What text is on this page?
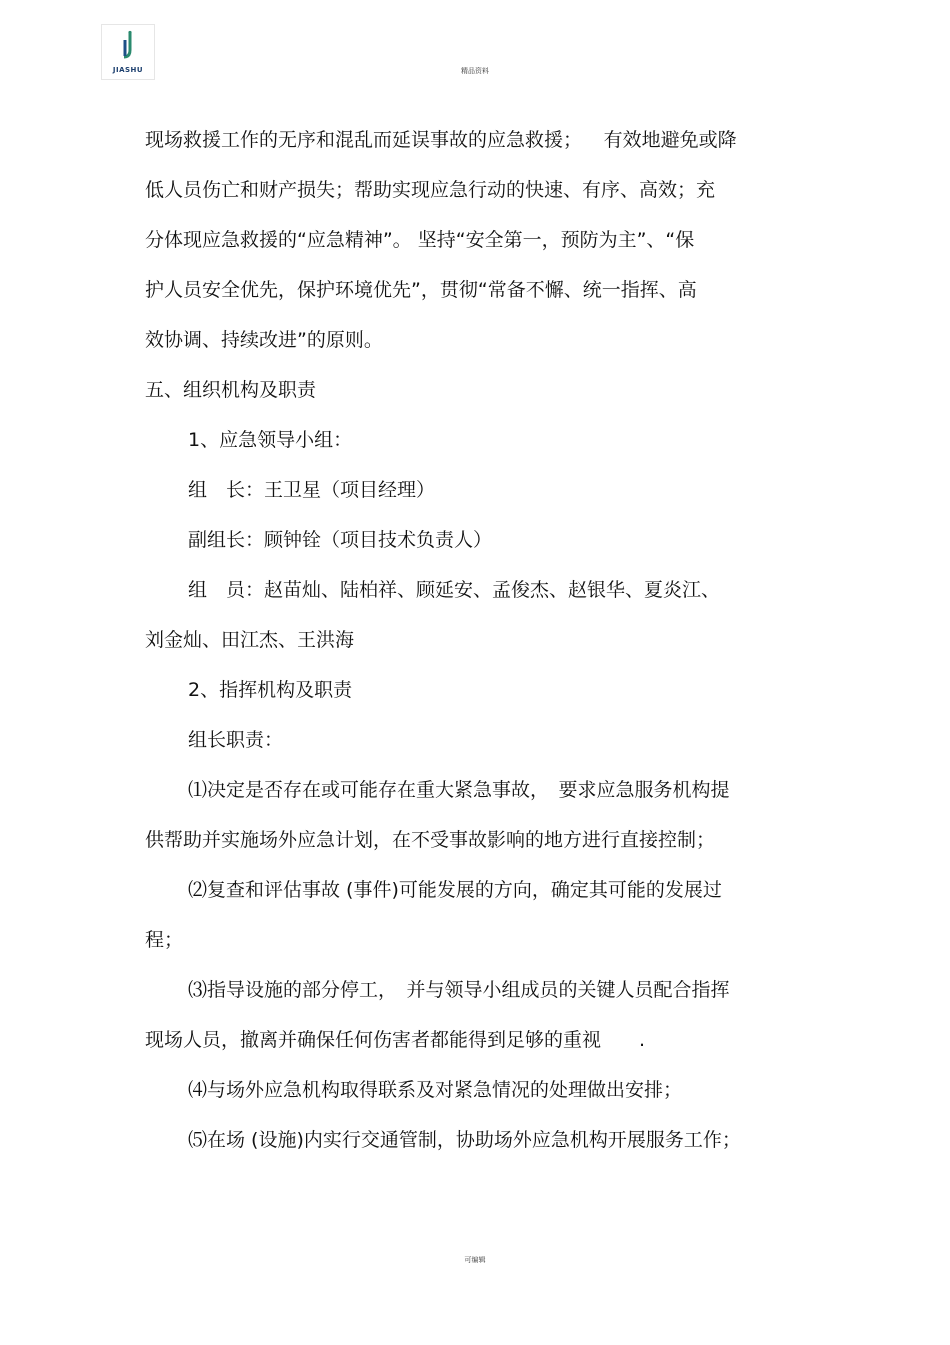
JIASHU	精品资料

现场救援工作的无序和混乱而延误事故的应急救援；　  有效地避免或降

低人员伤亡和财产损失；帮助实现应急行动的快速、有序、高效；充

分体现应急救援的“应急精神”。 坚持“安全第一，预防为主”、“保

护人员安全优先，保护环境优先”，贯彻“常备不懈、统一指挥、高

效协调、持续改进”的原则。

五、组织机构及职责

1、应急领导小组：

组　长：王卫星（项目经理）

副组长：顾钟铨（项目技术负责人）

组　员：赵苗灿、陆柏祥、顾延安、孟俊杰、赵银华、夏炎江、

刘金灿、田江杰、王洪海

2、指挥机构及职责

组长职责：

⑴决定是否存在或可能存在重大紧急事故，　要求应急服务机构提

供帮助并实施场外应急计划，在不受事故影响的地方进行直接控制；

⑵复查和评估事故 (事件)可能发展的方向，确定其可能的发展过

程；

⑶指导设施的部分停工，　并与领导小组成员的关键人员配合指挥

现场人员，撤离并确保任何伤害者都能得到足够的重视　　.

⑷与场外应急机构取得联系及对紧急情况的处理做出安排；

⑸在场 (设施)内实行交通管制，协助场外应急机构开展服务工作；

可编辑
